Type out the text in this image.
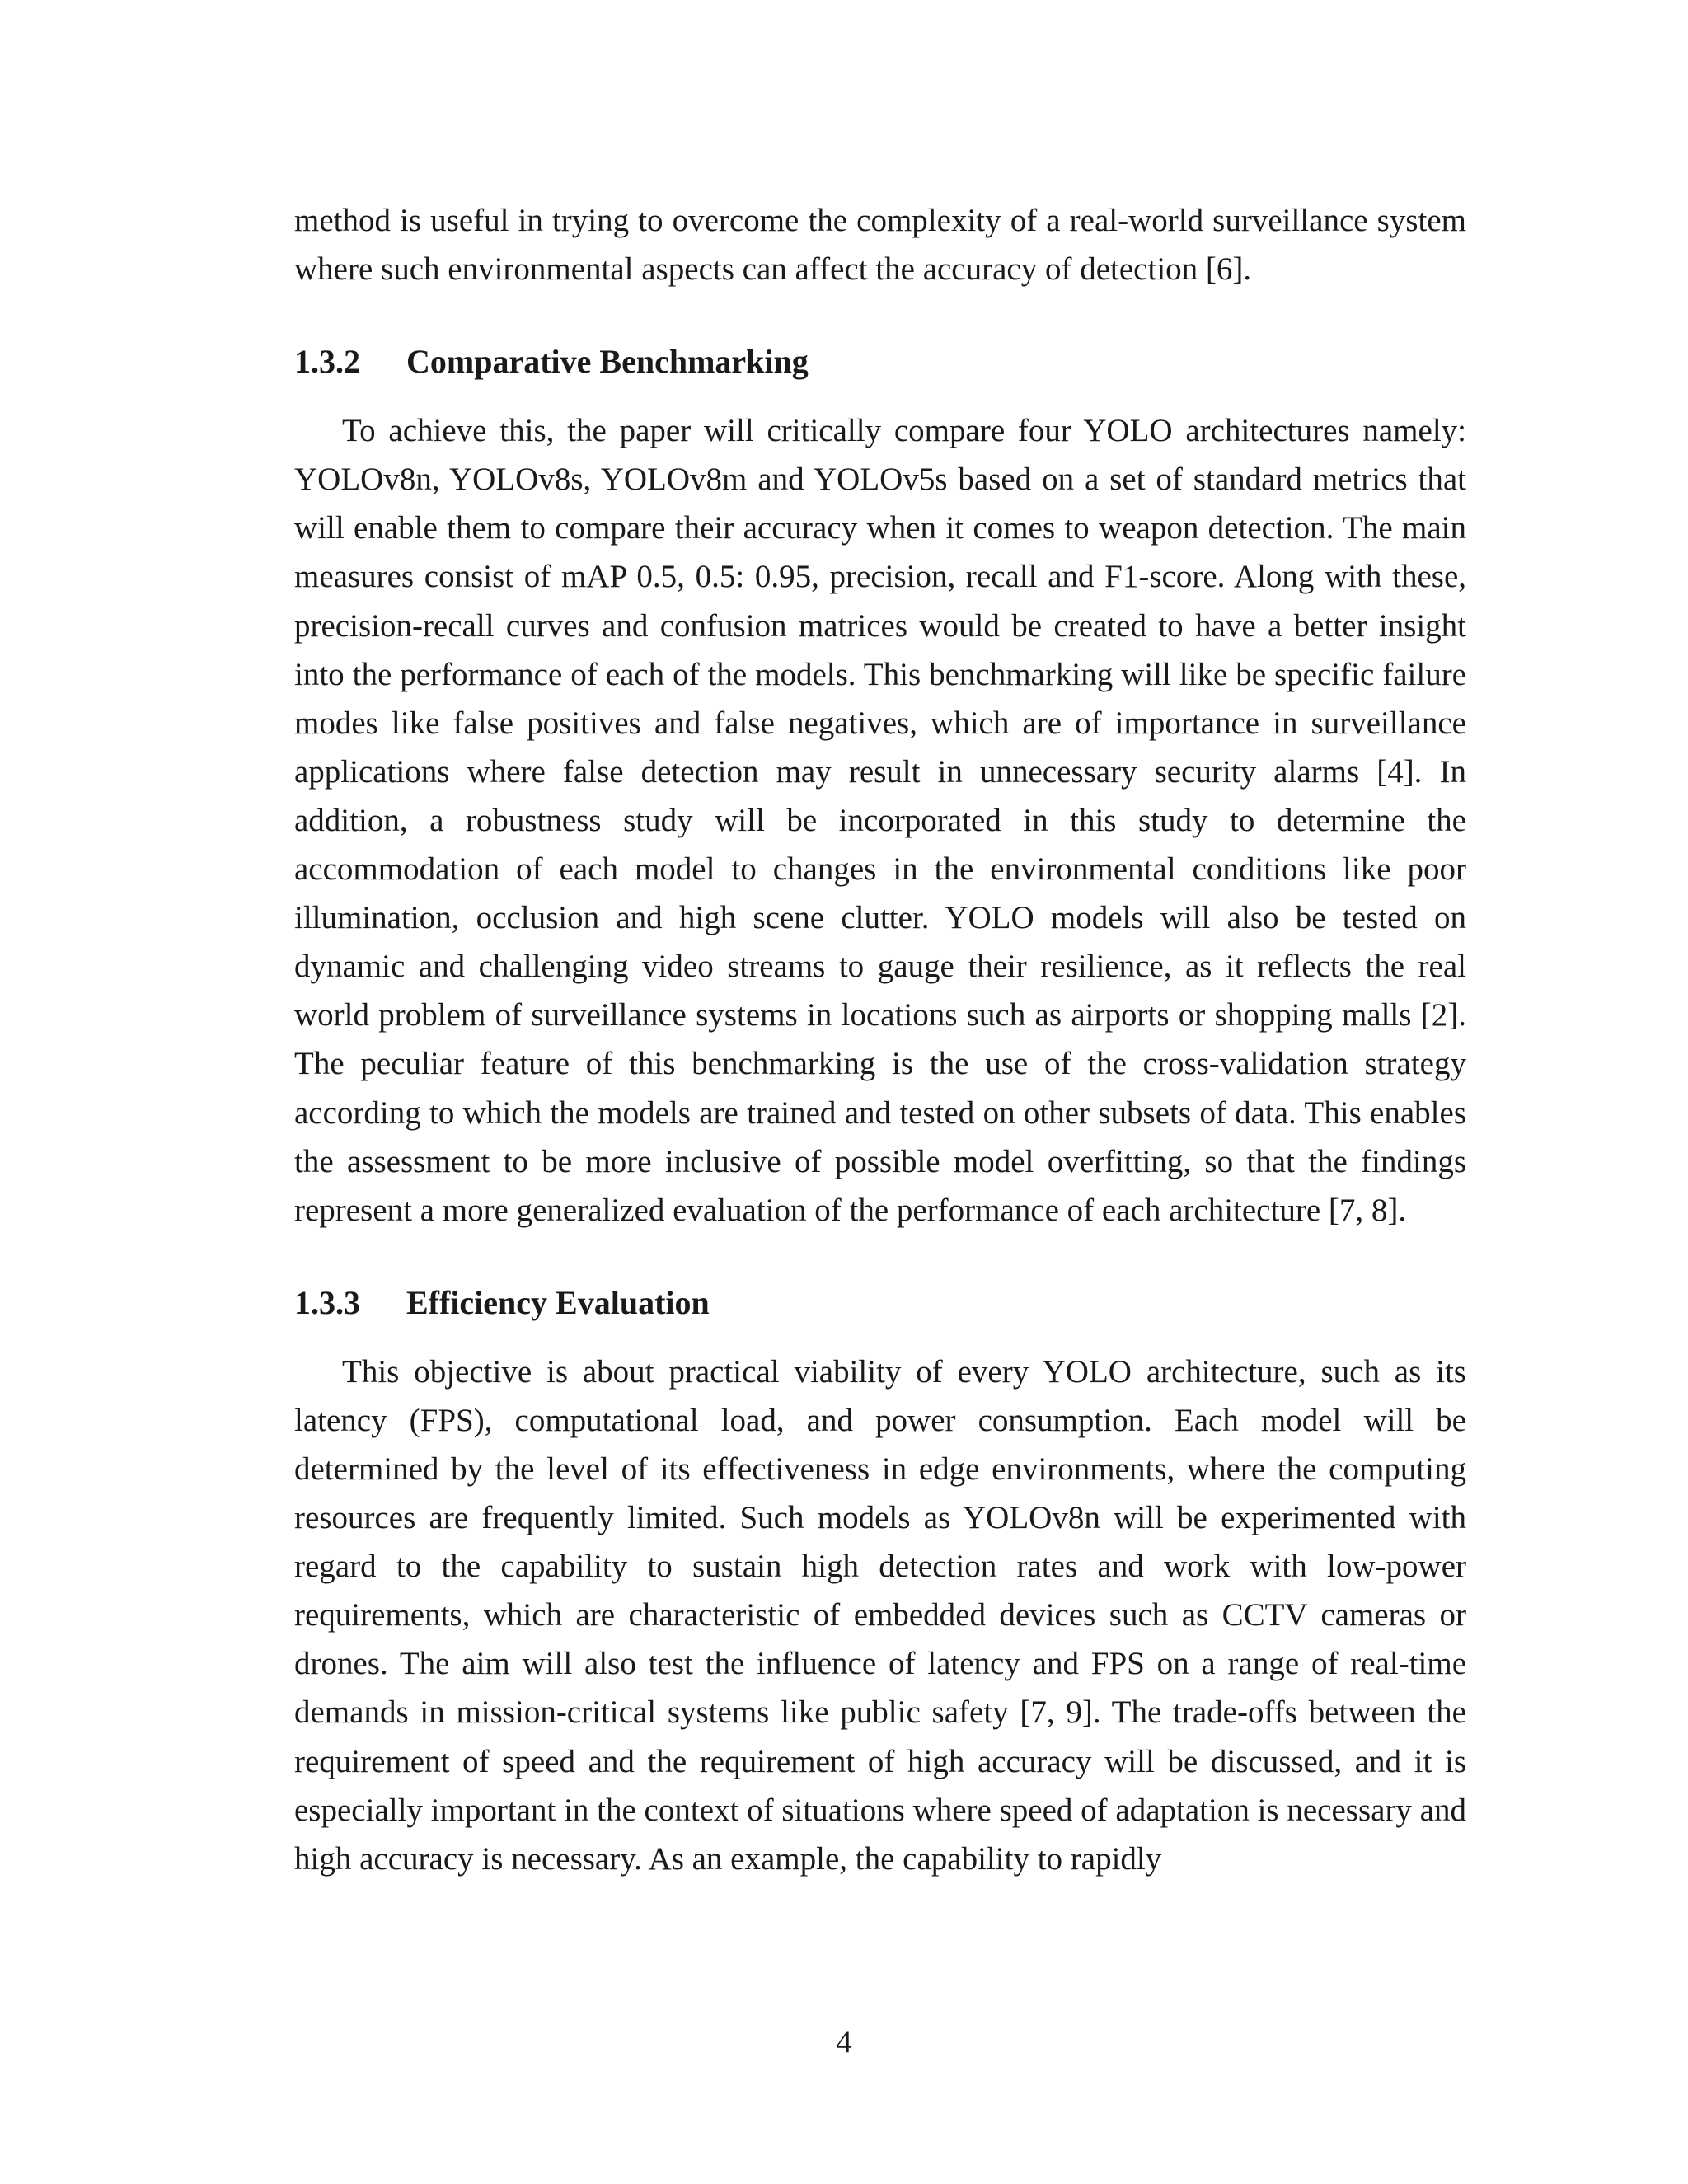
method is useful in trying to overcome the complexity of a real-world surveillance system where such environmental aspects can affect the accuracy of detection [6].

1.3.2	Comparative Benchmarking

To achieve this, the paper will critically compare four YOLO architectures namely: YOLOv8n, YOLOv8s, YOLOv8m and YOLOv5s based on a set of standard metrics that will enable them to compare their accuracy when it comes to weapon detection. The main measures consist of mAP 0.5, 0.5: 0.95, precision, recall and F1-score. Along with these, precision-recall curves and confusion matrices would be created to have a better insight into the performance of each of the models. This benchmarking will like be specific failure modes like false positives and false negatives, which are of importance in surveillance applications where false detection may result in unnecessary security alarms [4]. In addition, a robustness study will be incorporated in this study to determine the accommodation of each model to changes in the environmental conditions like poor illumination, occlusion and high scene clutter. YOLO models will also be tested on dynamic and challenging video streams to gauge their resilience, as it reflects the real world problem of surveillance systems in locations such as airports or shopping malls [2]. The peculiar feature of this benchmarking is the use of the cross-validation strategy according to which the models are trained and tested on other subsets of data. This enables the assessment to be more inclusive of possible model overfitting, so that the findings represent a more generalized evaluation of the performance of each architecture [7, 8].

1.3.3	Efficiency Evaluation

This objective is about practical viability of every YOLO architecture, such as its latency (FPS), computational load, and power consumption. Each model will be determined by the level of its effectiveness in edge environments, where the computing resources are frequently limited. Such models as YOLOv8n will be experimented with regard to the capability to sustain high detection rates and work with low-power requirements, which are characteristic of embedded devices such as CCTV cameras or drones. The aim will also test the influence of latency and FPS on a range of real-time demands in mission-critical systems like public safety [7, 9]. The trade-offs between the requirement of speed and the requirement of high accuracy will be discussed, and it is especially important in the context of situations where speed of adaptation is necessary and high accuracy is necessary. As an example, the capability to rapidly

4
